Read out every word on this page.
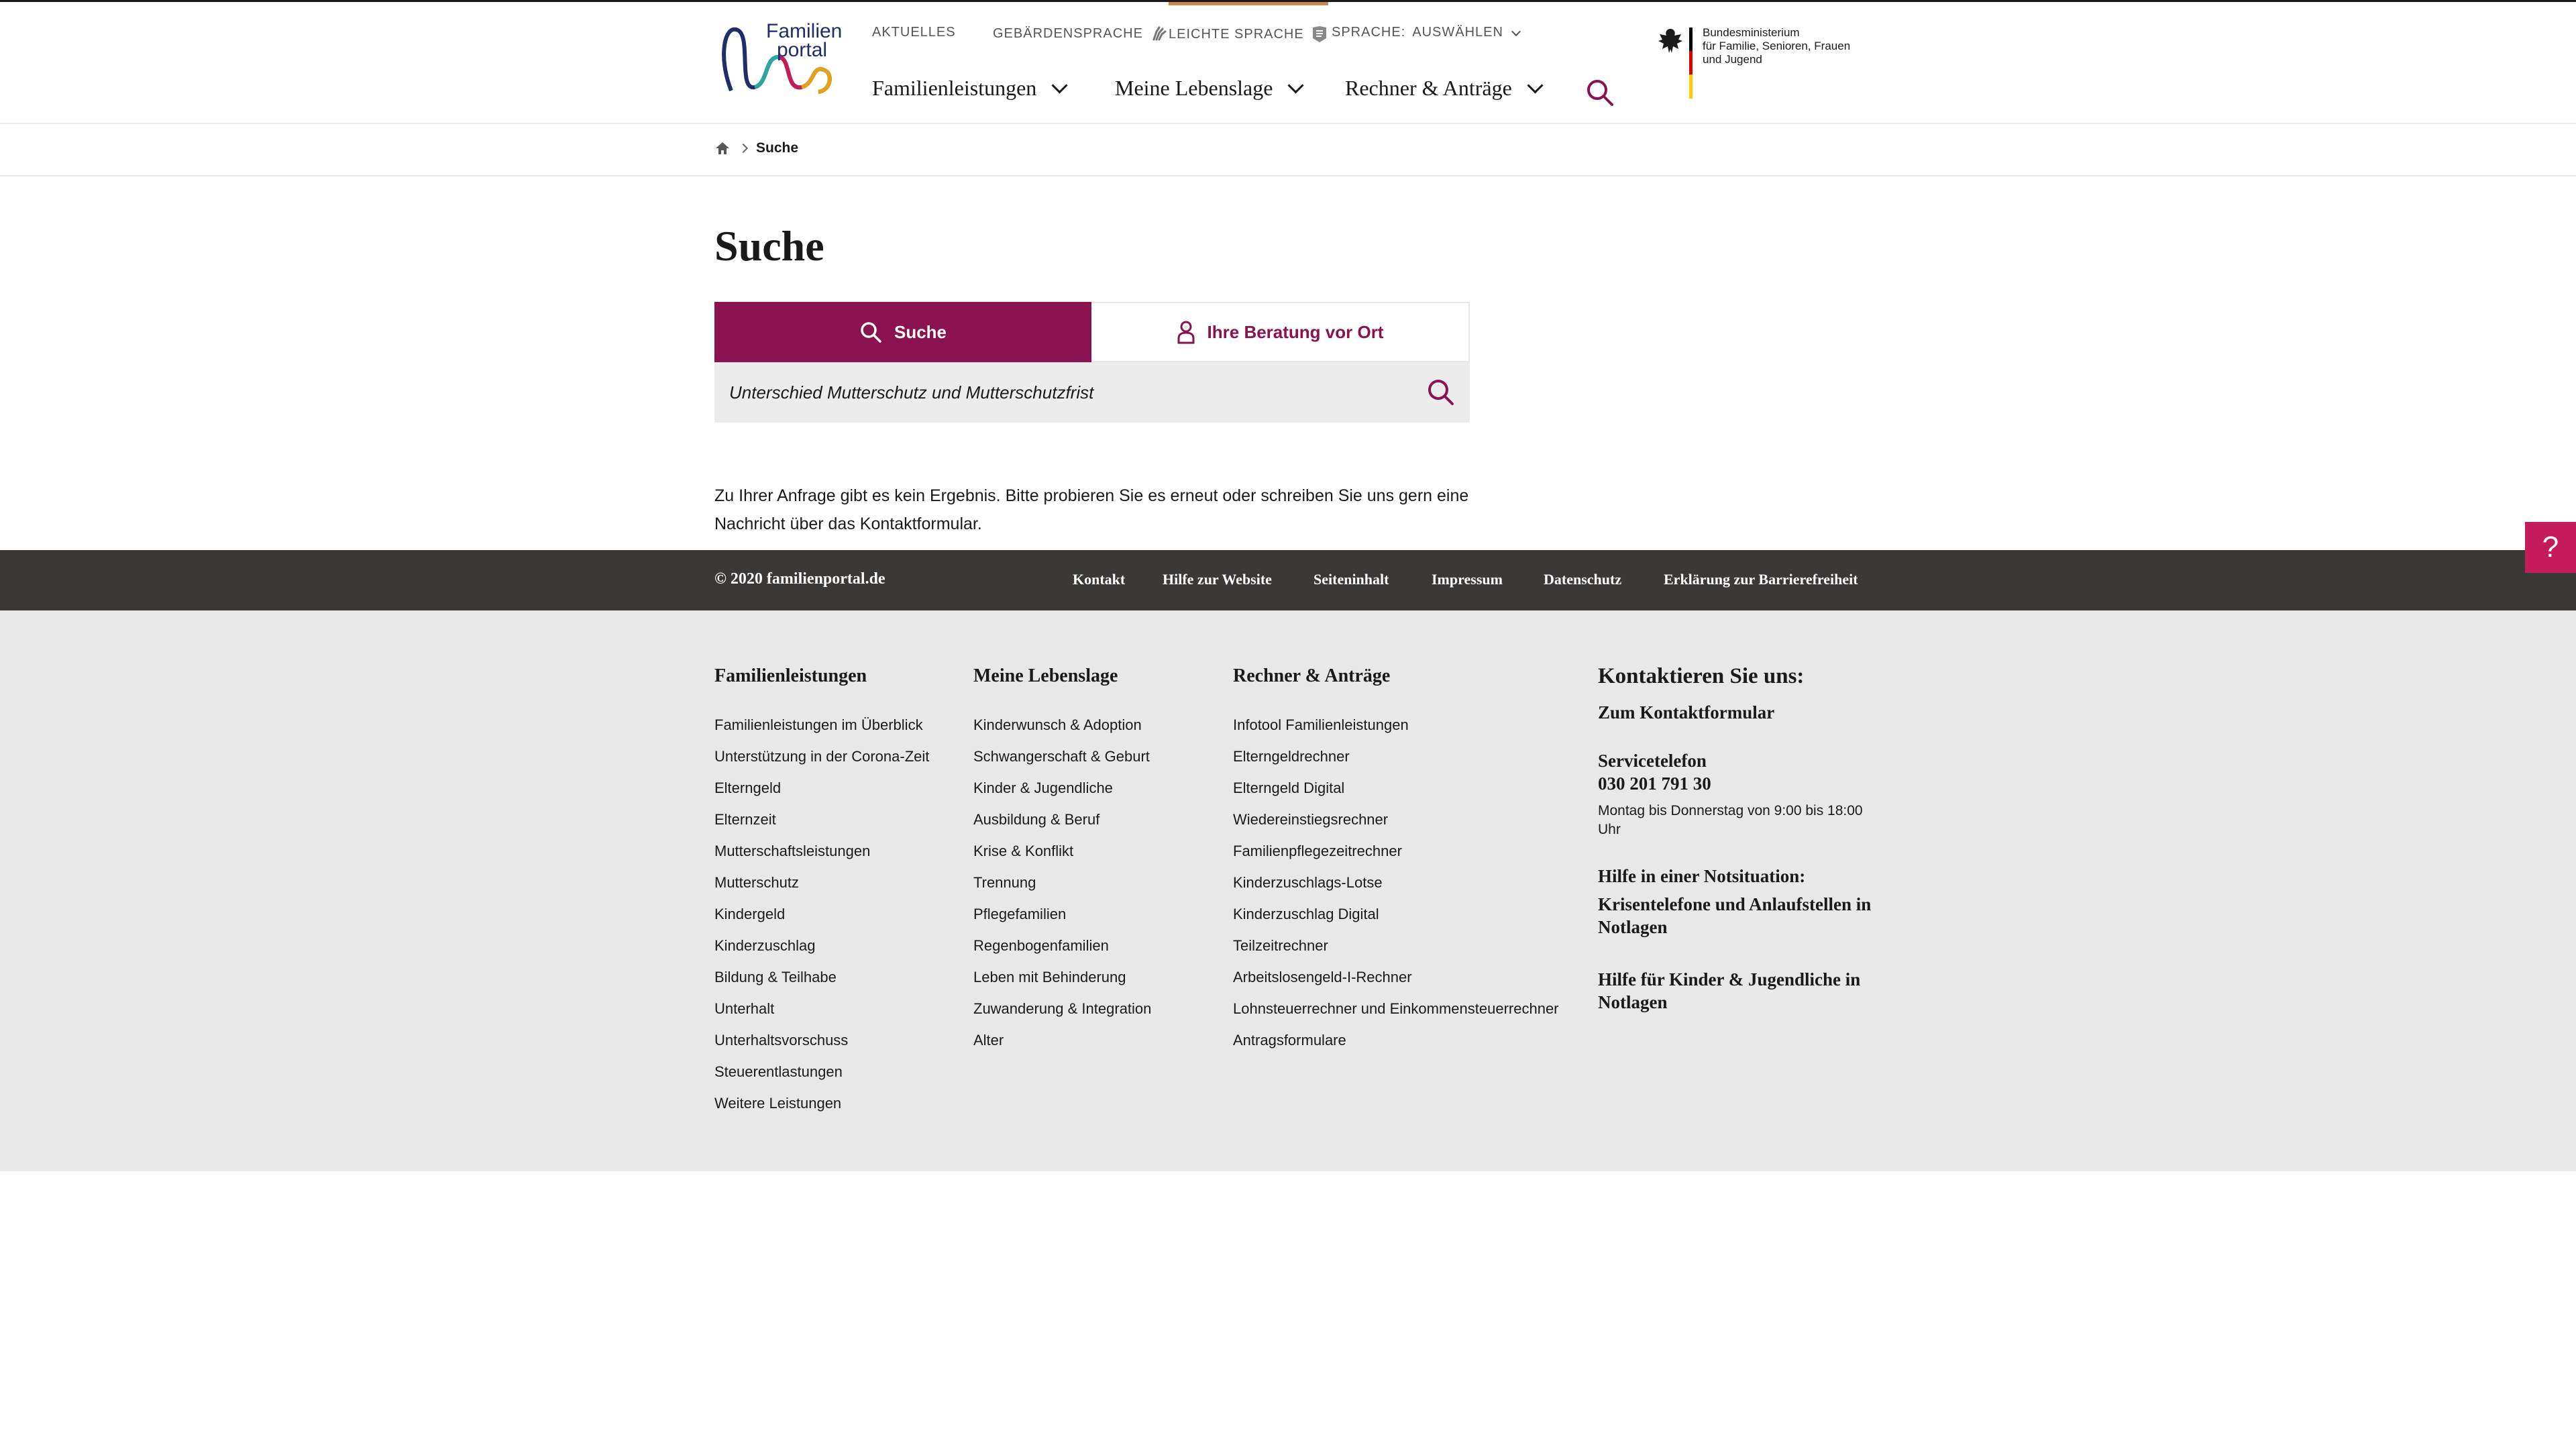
Familien
portal
AKTUELLES	GEBÄRDENSPRACHE LEICHTE SPRACHE SPRACHE: AUSWÄHLEN
Familienleistungen	Meine Lebenslage	Rechner & Anträge
Bundesministerium
für Familie, Senioren, Frauen
und Jugend
Suche
Suche
Suche	Ihre Beratung vor Ort
Unterschied Mutterschutz und Mutterschutzfrist
Zu Ihrer Anfrage gibt es kein Ergebnis. Bitte probieren Sie es erneut oder schreiben Sie uns gern eine Nachricht über das Kontaktformular.
© 2020 familienportal.de	Kontakt	Hilfe zur Website	Seiteninhalt	Impressum	Datenschutz	Erklärung zur Barrierefreiheit
?
Familienleistungen
Familienleistungen im Überblick
Unterstützung in der Corona-Zeit
Elterngeld
Elternzeit
Mutterschaftsleistungen
Mutterschutz
Kindergeld
Kinderzuschlag
Bildung & Teilhabe
Unterhalt
Unterhaltsvorschuss
Steuerentlastungen
Weitere Leistungen
Meine Lebenslage
Kinderwunsch & Adoption
Schwangerschaft & Geburt
Kinder & Jugendliche
Ausbildung & Beruf
Krise & Konflikt
Trennung
Pflegefamilien
Regenbogenfamilien
Leben mit Behinderung
Zuwanderung & Integration
Alter
Rechner & Anträge
Infotool Familienleistungen
Elterngeldrechner
Elterngeld Digital
Wiedereinstiegsrechner
Familienpflegezeitrechner
Kinderzuschlags-Lotse
Kinderzuschlag Digital
Teilzeitrechner
Arbeitslosengeld-I-Rechner
Lohnsteuerrechner und Einkommensteuerrechner
Antragsformulare
Kontaktieren Sie uns:
Zum Kontaktformular
Servicetelefon
030 201 791 30
Montag bis Donnerstag von 9:00 bis 18:00 Uhr
Hilfe in einer Notsituation:
Krisentelefone und Anlaufstellen in Notlagen
Hilfe für Kinder & Jugendliche in Notlagen
